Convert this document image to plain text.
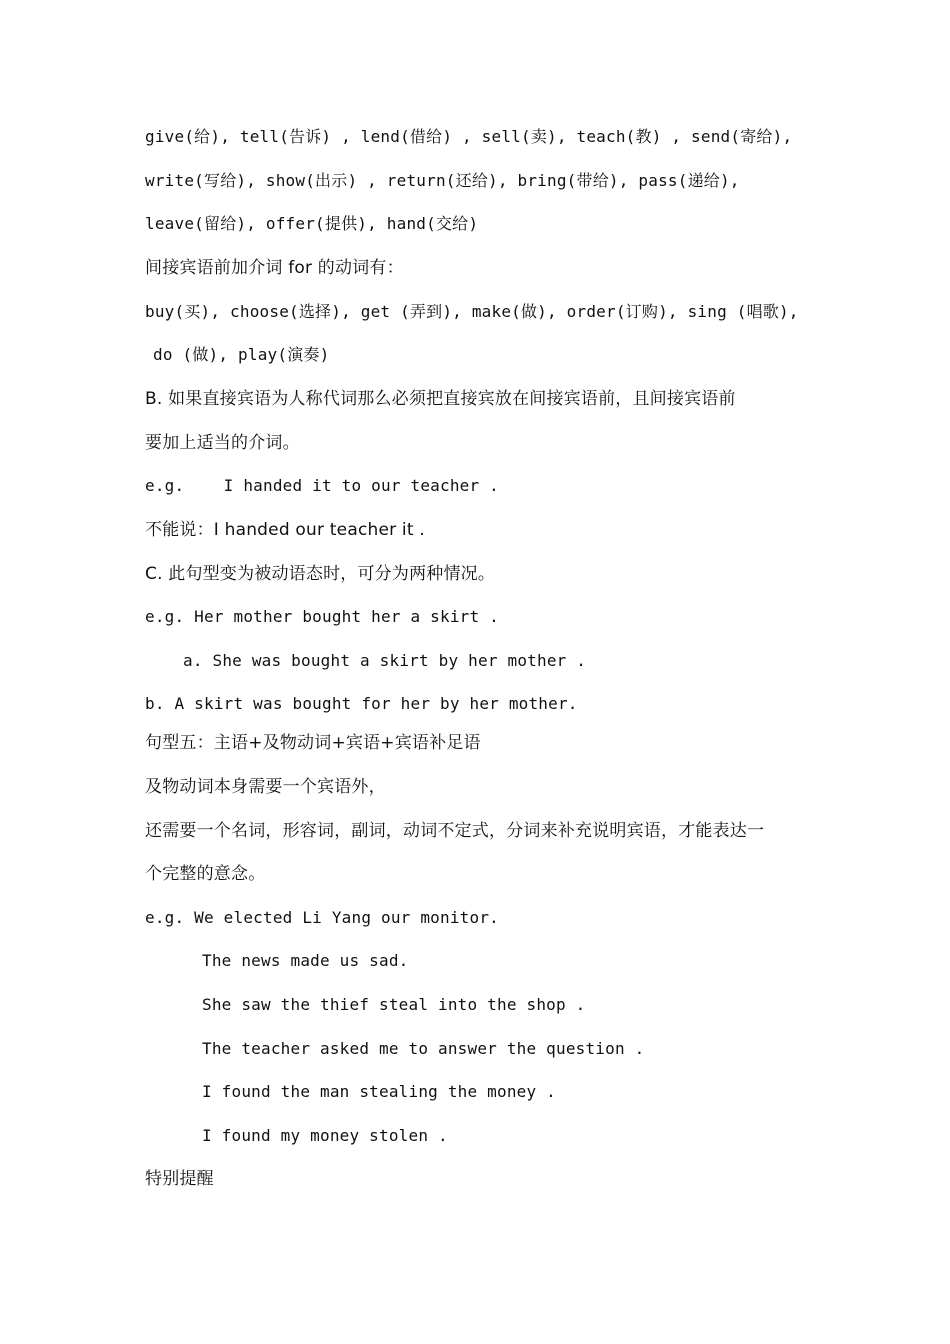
give(给), tell(告诉) , lend(借给) , sell(卖), teach(教) , send(寄给),
write(写给), show(出示) , return(还给), bring(带给), pass(递给),
leave(留给), offer(提供), hand(交给)
间接宾语前加介词 for 的动词有：
buy(买), choose(选择), get (弄到), make(做), order(订购), sing (唱歌),
do (做), play(演奏)
B. 如果直接宾语为人称代词那么必须把直接宾放在间接宾语前，且间接宾语前
要加上适当的介词。
e.g.    I handed it to our teacher .
不能说：I handed our teacher it .
C. 此句型变为被动语态时，可分为两种情况。
e.g. Her mother bought her a skirt .
a. She was bought a skirt by her mother .
b. A skirt was bought for her by her mother.
句型五：主语+及物动词+宾语+宾语补足语
及物动词本身需要一个宾语外，
还需要一个名词，形容词，副词，动词不定式，分词来补充说明宾语，才能表达一
个完整的意念。
e.g. We elected Li Yang our monitor.
The news made us sad.
She saw the thief steal into the shop .
The teacher asked me to answer the question .
I found the man stealing the money .
I found my money stolen .
特别提醒
